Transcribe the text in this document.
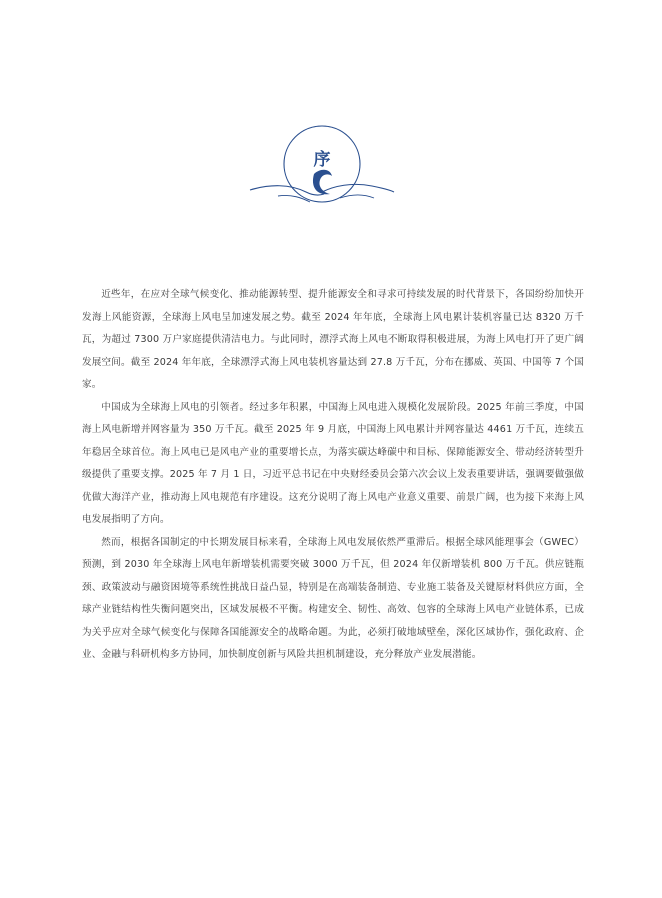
序

近些年，在应对全球气候变化、推动能源转型、提升能源安全和寻求可持续发展的时代背景下，各国纷纷加快开发海上风能资源，全球海上风电呈加速发展之势。截至 2024 年年底，全球海上风电累计装机容量已达 8320 万千瓦，为超过 7300 万户家庭提供清洁电力。与此同时，漂浮式海上风电不断取得积极进展，为海上风电打开了更广阔发展空间。截至 2024 年年底，全球漂浮式海上风电装机容量达到 27.8 万千瓦，分布在挪威、英国、中国等 7 个国家。

中国成为全球海上风电的引领者。经过多年积累，中国海上风电进入规模化发展阶段。2025 年前三季度，中国海上风电新增并网容量为 350 万千瓦。截至 2025 年 9 月底，中国海上风电累计并网容量达 4461 万千瓦，连续五年稳居全球首位。海上风电已是风电产业的重要增长点，为落实碳达峰碳中和目标、保障能源安全、带动经济转型升级提供了重要支撑。2025 年 7 月 1 日，习近平总书记在中央财经委员会第六次会议上发表重要讲话，强调要做强做优做大海洋产业，推动海上风电规范有序建设。这充分说明了海上风电产业意义重要、前景广阔，也为接下来海上风电发展指明了方向。

然而，根据各国制定的中长期发展目标来看，全球海上风电发展依然严重滞后。根据全球风能理事会（GWEC）预测，到 2030 年全球海上风电年新增装机需要突破 3000 万千瓦，但 2024 年仅新增装机 800 万千瓦。供应链瓶颈、政策波动与融资困境等系统性挑战日益凸显，特别是在高端装备制造、专业施工装备及关键原材料供应方面，全球产业链结构性失衡问题突出，区域发展极不平衡。构建安全、韧性、高效、包容的全球海上风电产业链体系，已成为关乎应对全球气候变化与保障各国能源安全的战略命题。为此，必须打破地域壁垒，深化区域协作，强化政府、企业、金融与科研机构多方协同，加快制度创新与风险共担机制建设，充分释放产业发展潜能。
